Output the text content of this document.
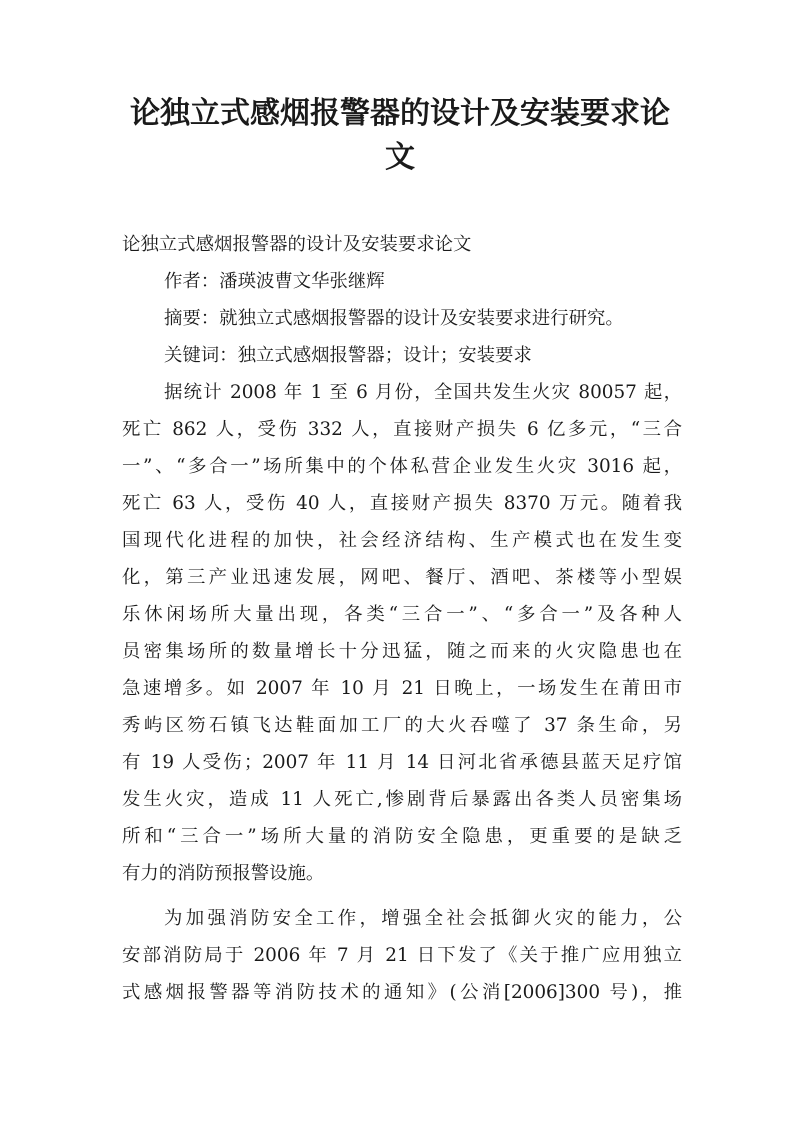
论独立式感烟报警器的设计及安装要求论
文

论独立式感烟报警器的设计及安装要求论文

作者：潘瑛波曹文华张继辉

摘要：就独立式感烟报警器的设计及安装要求进行研究。

关键词：独立式感烟报警器；设计；安装要求

据统计 2008 年 1 至 6 月份，全国共发生火灾 80057 起，
死亡 862 人，受伤 332 人，直接财产损失 6 亿多元，“三合
一”、“多合一”场所集中的个体私营企业发生火灾 3016 起，
死亡 63 人，受伤 40 人，直接财产损失 8370 万元。随着我
国现代化进程的加快，社会经济结构、生产模式也在发生变
化，第三产业迅速发展，网吧、餐厅、酒吧、茶楼等小型娱
乐休闲场所大量出现，各类“三合一”、“多合一”及各种人
员密集场所的数量增长十分迅猛，随之而来的火灾隐患也在
急速增多。如 2007 年 10 月 21 日晚上，一场发生在莆田市
秀屿区笏石镇飞达鞋面加工厂的大火吞噬了 37 条生命，另
有 19 人受伤；2007 年 11 月 14 日河北省承德县蓝天足疗馆
发生火灾，造成 11 人死亡,惨剧背后暴露出各类人员密集场
所和“三合一”场所大量的消防安全隐患，更重要的是缺乏
有力的消防预报警设施。
为加强消防安全工作，增强全社会抵御火灾的能力，公
安部消防局于 2006 年 7 月 21 日下发了《关于推广应用独立
式感烟报警器等消防技术的通知》(公消[2006]300 号)，推
